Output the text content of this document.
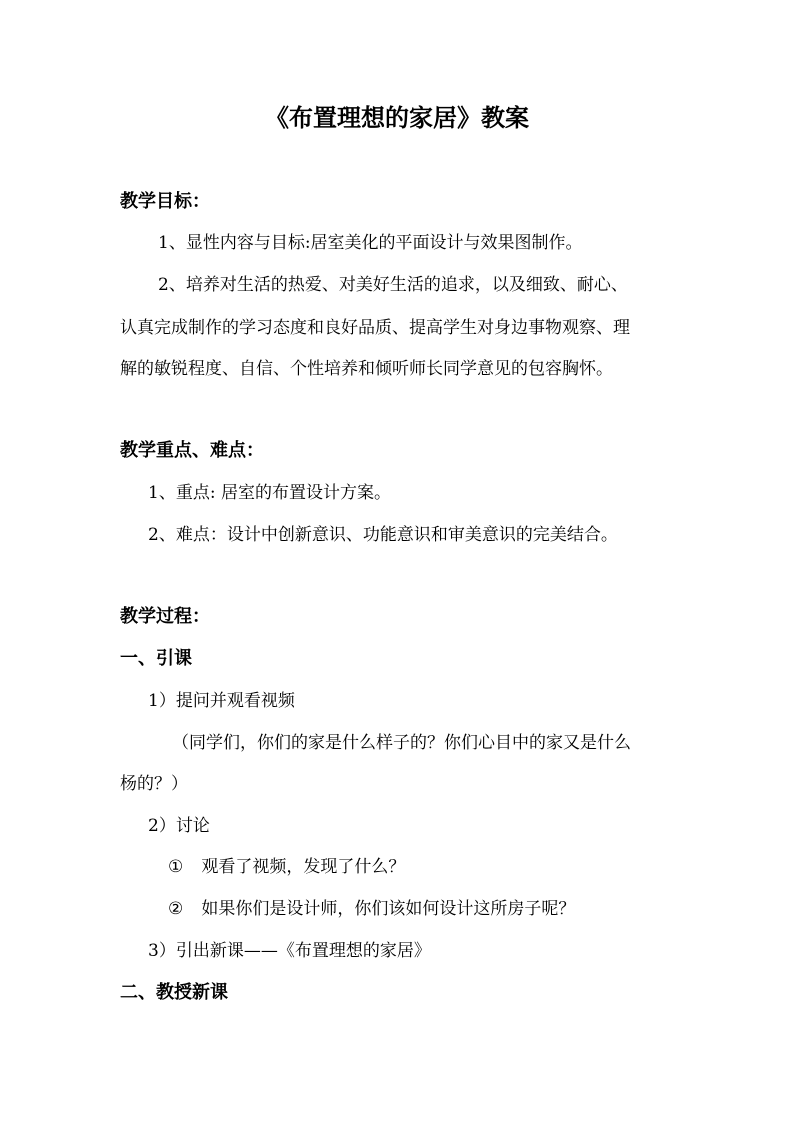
《布置理想的家居》教案
教学目标：
1、显性内容与目标:居室美化的平面设计与效果图制作。
2、培养对生活的热爱、对美好生活的追求，以及细致、耐心、
认真完成制作的学习态度和良好品质、提高学生对身边事物观察、理
解的敏锐程度、自信、个性培养和倾听师长同学意见的包容胸怀。
教学重点、难点：
1、重点: 居室的布置设计方案。
2、难点：设计中创新意识、功能意识和审美意识的完美结合。
教学过程：
一、引课
1）提问并观看视频
（同学们，你们的家是什么样子的？你们心目中的家又是什么
杨的？）
2）讨论
① 观看了视频，发现了什么？
② 如果你们是设计师，你们该如何设计这所房子呢？
3）引出新课——《布置理想的家居》
二、教授新课
